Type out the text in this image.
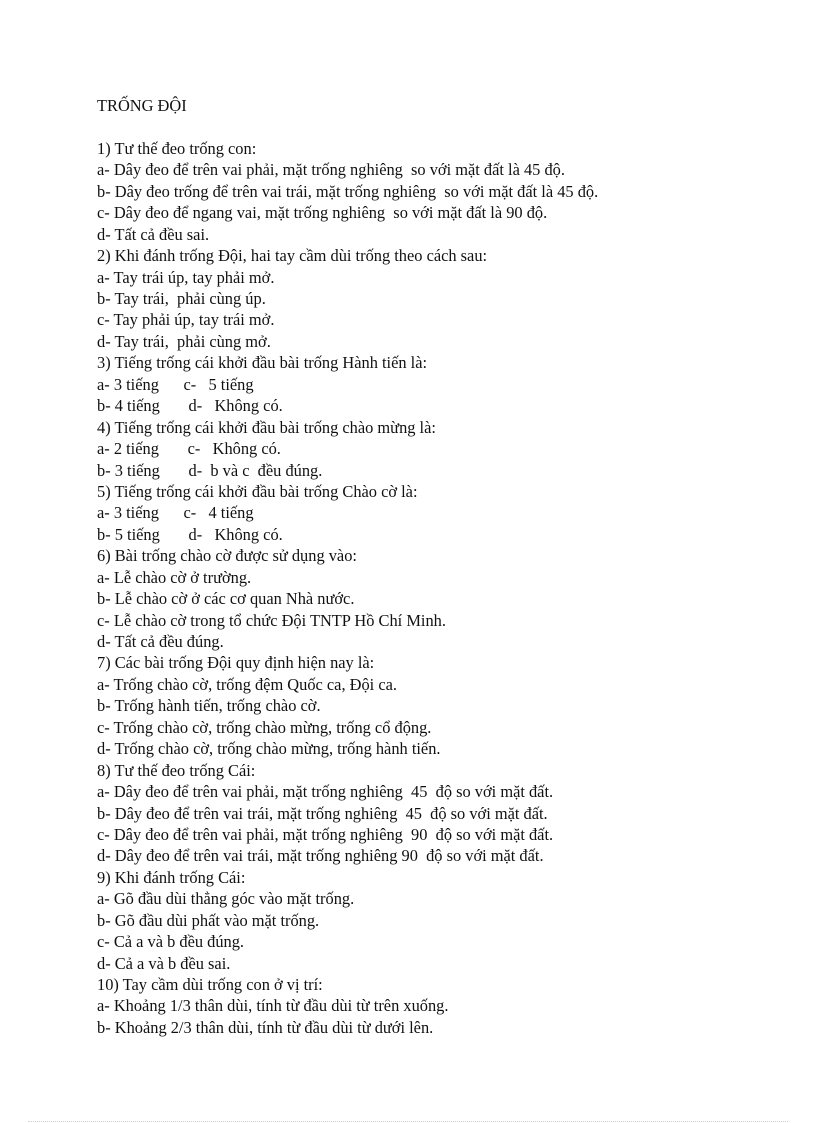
TRỐNG ĐỘI
1) Tư thế đeo trống con:
a- Dây đeo để trên vai phải, mặt trống nghiêng  so với mặt đất là 45 độ.
b- Dây đeo trống để trên vai trái, mặt trống nghiêng  so với mặt đất là 45 độ.
c- Dây đeo để ngang vai, mặt trống nghiêng  so với mặt đất là 90 độ.
d- Tất cả đều sai.
2) Khi đánh trống Đội, hai tay cầm dùi trống theo cách sau:
a- Tay trái úp, tay phải mở.
b- Tay trái,  phải cùng úp.
c- Tay phải úp, tay trái mở.
d- Tay trái,  phải cùng mở.
3) Tiếng trống cái khởi đầu bài trống Hành tiến là:
a- 3 tiếng      c-   5 tiếng
b- 4 tiếng       d-   Không có.
4) Tiếng trống cái khởi đầu bài trống chào mừng là:
a- 2 tiếng       c-   Không có.
b- 3 tiếng       d-  b và c  đều đúng.
5) Tiếng trống cái khởi đầu bài trống Chào cờ là:
a- 3 tiếng      c-   4 tiếng
b- 5 tiếng       d-   Không có.
6) Bài trống chào cờ được sử dụng vào:
a- Lễ chào cờ ở trường.
b- Lễ chào cờ ở các cơ quan Nhà nước.
c- Lễ chào cờ trong tổ chức Đội TNTP Hồ Chí Minh.
d- Tất cả đều đúng.
7) Các bài trống Đội quy định hiện nay là:
a- Trống chào cờ, trống đệm Quốc ca, Đội ca.
b- Trống hành tiến, trống chào cờ.
c- Trống chào cờ, trống chào mừng, trống cổ động.
d- Trống chào cờ, trống chào mừng, trống hành tiến.
8) Tư thế đeo trống Cái:
a- Dây đeo để trên vai phải, mặt trống nghiêng  45  độ so với mặt đất.
b- Dây đeo để trên vai trái, mặt trống nghiêng  45  độ so với mặt đất.
c- Dây đeo để trên vai phải, mặt trống nghiêng  90  độ so với mặt đất.
d- Dây đeo để trên vai trái, mặt trống nghiêng 90  độ so với mặt đất.
9) Khi đánh trống Cái:
a- Gõ đầu dùi thẳng góc vào mặt trống.
b- Gõ đầu dùi phất vào mặt trống.
c- Cả a và b đều đúng.
d- Cả a và b đều sai.
10) Tay cầm dùi trống con ở vị trí:
a- Khoảng 1/3 thân dùi, tính từ đầu dùi từ trên xuống.
b- Khoảng 2/3 thân dùi, tính từ đầu dùi từ dưới lên.
